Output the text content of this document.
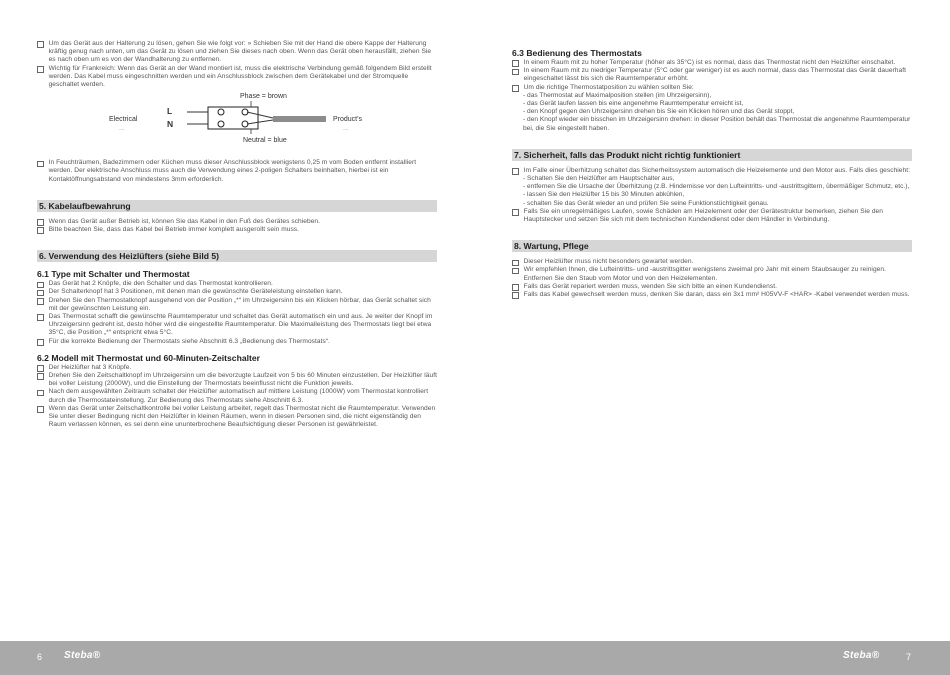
Um das Gerät aus der Halterung zu lösen, gehen Sie wie folgt vor: » Schieben Sie mit der Hand die obere Kappe der Halterung kräftig genug nach unten, um das Gerät zu lösen und ziehen Sie dieses nach oben. Wenn das Gerät oben herausfällt, ziehen Sie es nach oben um es von der Wandhalterung zu entfernen.
Wichtig für Frankreich: Wenn das Gerät an der Wand montiert ist, muss die elektrische Verbindung gemäß folgendem Bild erstellt werden. Das Kabel muss eingeschnitten werden und ein Anschlussblock zwischen dem Gerätekabel und der Stromquelle geschaltet werden.
Phase = brown
Neutral = blue
Electrical
...
Product's
...
L
N
In Feuchträumen, Badezimmern oder Küchen muss dieser Anschlussblock wenigstens 0,25 m vom Boden entfernt installiert werden. Der elektrische Anschluss muss auch die Verwendung eines 2-poligen Schalters beinhalten, hierbei ist ein Kontaktöffnungsabstand von mindestens 3mm erforderlich.
5. Kabelaufbewahrung
Wenn das Gerät außer Betrieb ist, können Sie das Kabel in den Fuß des Gerätes schieben.
Bitte beachten Sie, dass das Kabel bei Betrieb immer komplett ausgerollt sein muss.
6. Verwendung des Heizlüfters (siehe Bild 5)
6.1 Type mit Schalter und Thermostat
Das Gerät hat 2 Knöpfe, die den Schalter und das Thermostat kontrollieren.
Der Schalterknopf hat 3 Positionen, mit denen man die gewünschte Geräteleistung einstellen kann.
Drehen Sie den Thermostatknopf ausgehend von der Position „*“ im Uhrzeigersinn bis ein Klicken hörbar, das Gerät schaltet sich mit der gewünschten Leistung ein.
Das Thermostat schafft die gewünschte Raumtemperatur und schaltet das Gerät automatisch ein und aus. Je weiter der Knopf im Uhrzeigersinn gedreht ist, desto höher wird die eingestellte Raumtemperatur. Die Maximalleistung des Thermostats liegt bei etwa 35°C, die Position „*“ entspricht etwa 5°C.
Für die korrekte Bedienung der Thermostats siehe Abschnitt 6.3 „Bedienung des Thermostats“.
6.2 Modell mit Thermostat und 60-Minuten-Zeitschalter
Der Heizlüfter hat 3 Knöpfe.
Drehen Sie den Zeitschaltknopf im Uhrzeigersinn um die bevorzugte Laufzeit von 5 bis 60 Minuten einzustellen. Der Heizlüfter läuft bei voller Leistung (2000W), und die Einstellung der Thermostats beeinflusst nicht die Funktion jeweils.
Nach dem ausgewählten Zeitraum schaltet der Heizlüfter automatisch auf mittlere Leistung (1000W) vom Thermostat kontrolliert durch die Thermostateinstellung. Zur Bedienung des Thermostats siehe Abschnitt 6.3.
Wenn das Gerät unter Zeitschaltkontrolle bei voller Leistung arbeitet, regelt das Thermostat nicht die Raumtemperatur. Verwenden Sie unter dieser Bedingung nicht den Heizlüfter in kleinen Räumen, wenn in diesen Personen sind, die nicht eigenständig den Raum verlassen können, es sei denn eine ununterbrochene Beaufsichtigung dieser Personen ist gewährleistet.
6.3 Bedienung des Thermostats
In einem Raum mit zu hoher Temperatur (höher als 35°C) ist es normal, dass das Thermostat nicht den Heizlüfter einschaltet.
In einem Raum mit zu niedriger Temperatur (5°C oder gar weniger) ist es auch normal, dass das Thermostat das Gerät dauerhaft eingeschaltet lässt bis sich die Raumtemperatur erhöht.
Um die richtige Thermostatposition zu wählen sollten Sie:
- das Thermostat auf Maximalposition stellen (im Uhrzeigersinn),
- das Gerät laufen lassen bis eine angenehme Raumtemperatur erreicht ist,
- den Knopf gegen den Uhrzeigersinn drehen bis Sie ein Klicken hören und das Gerät stoppt,
- den Knopf wieder ein bisschen im Uhrzeigersinn drehen: in dieser Position behält das Thermostat die angenehme Raumtemperatur bei, die Sie eingestellt haben.
7. Sicherheit, falls das Produkt nicht richtig funktioniert
Im Falle einer Überhitzung schaltet das Sicherheitssystem automatisch die Heizelemente und den Motor aus. Falls dies geschieht:
- Schalten Sie den Heizlüfter am Hauptschalter aus,
- entfernen Sie die Ursache der Überhitzung (z.B. Hindernisse vor den Lufteintritts- und -austrittsgittern, übermäßiger Schmutz, etc.),
- lassen Sie den Heizlüfter 15 bis 30 Minuten abkühlen,
- schalten Sie das Gerät wieder an und prüfen Sie seine Funktionstüchtigkeit genau.
Falls Sie ein unregelmäßiges Laufen, sowie Schäden am Heizelement oder der Gerätestruktur bemerken, ziehen Sie den Hauptstecker und setzen Sie sich mit dem technischen Kundendienst oder dem Händler in Verbindung.
8. Wartung, Pflege
Dieser Heizlüfter muss nicht besonders gewartet werden.
Wir empfehlen Ihnen, die Lufteintritts- und -austrittsgitter wenigstens zweimal pro Jahr mit einem Staubsauger zu reinigen. Entfernen Sie den Staub vom Motor und von den Heizelementen.
Falls das Gerät repariert werden muss, wenden Sie sich bitte an einen Kundendienst.
Falls das Kabel gewechselt werden muss, denken Sie daran, dass ein 3x1 mm² H05VV-F <HAR> -Kabel verwendet werden muss.
6 Steba®	Steba®	7
